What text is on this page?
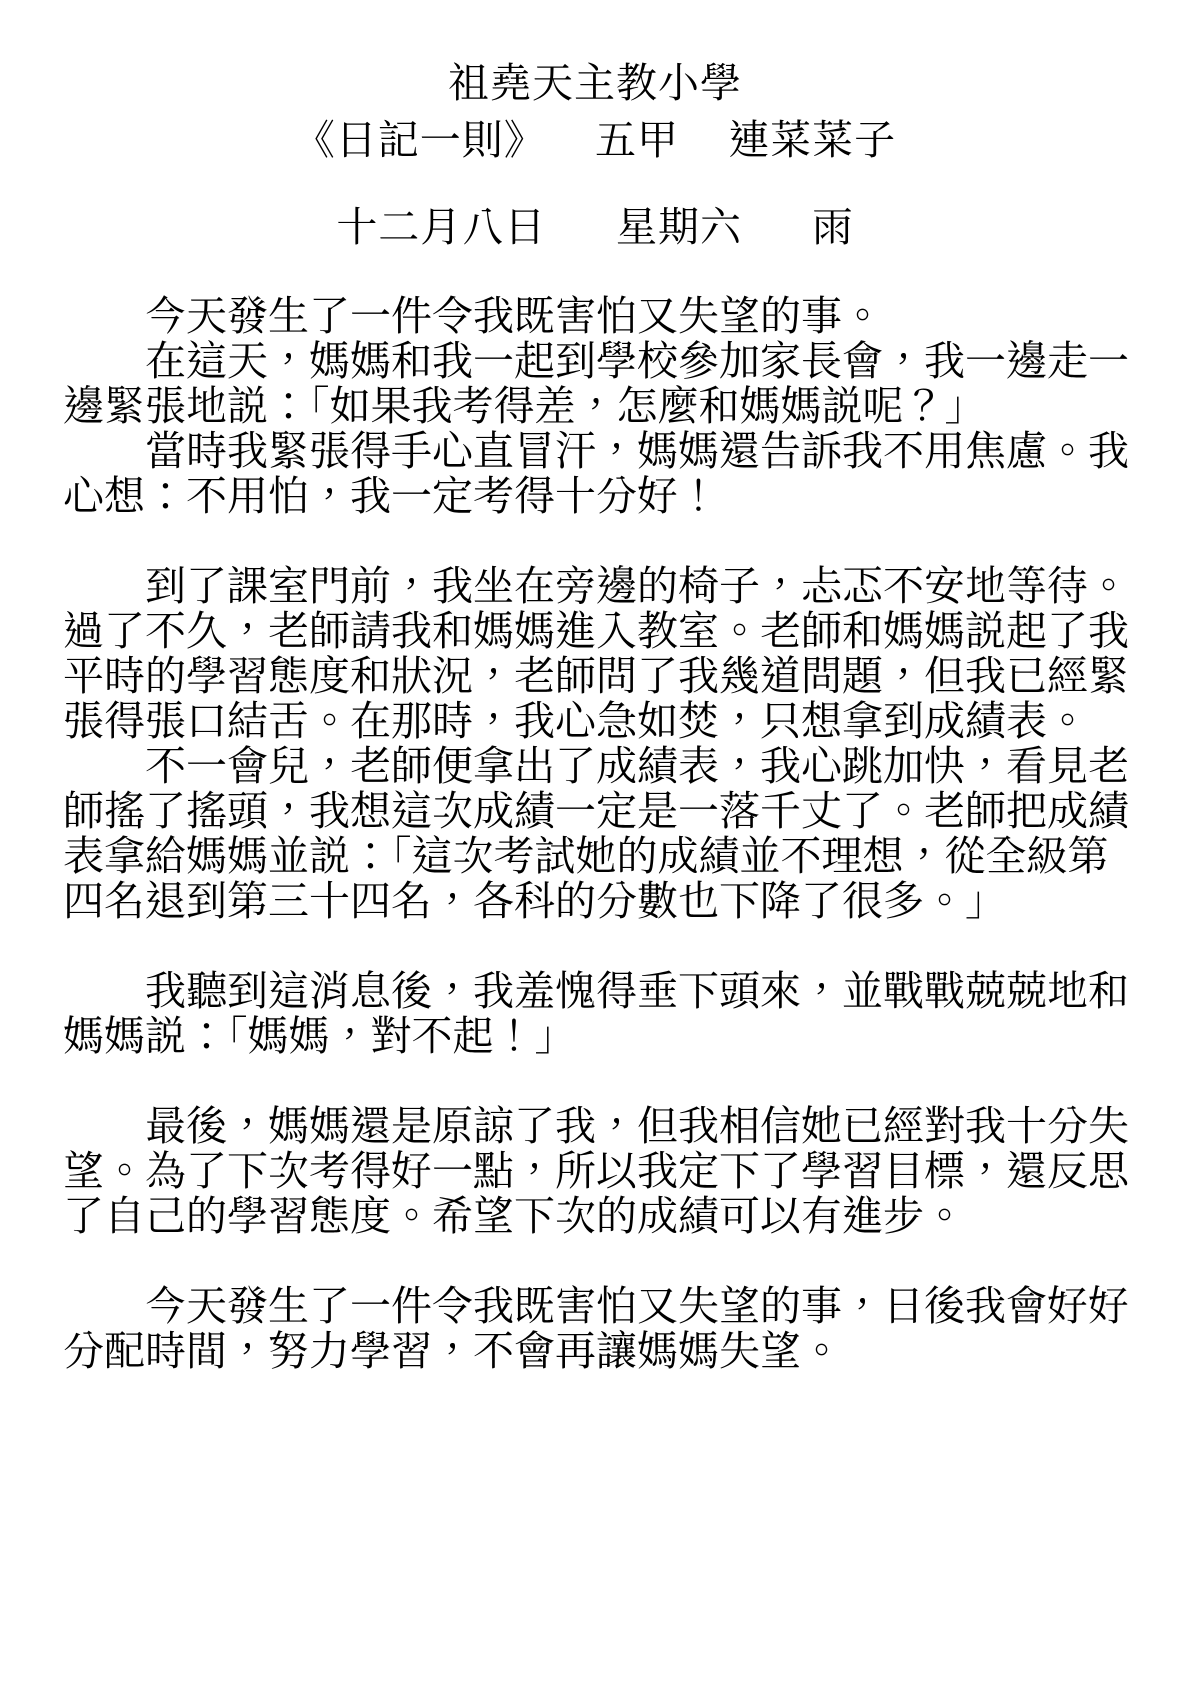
祖堯天主教小學
《日記一則》 五甲 連菜菜子
十二月八日 星期六 雨

今天發生了一件令我既害怕又失望的事。

在這天，媽媽和我一起到學校參加家長會，我一邊走一邊緊張地説：「如果我考得差，怎麼和媽媽説呢？」

當時我緊張得手心直冒汗，媽媽還告訴我不用焦慮。我心想：不用怕，我一定考得十分好！

到了課室門前，我坐在旁邊的椅子，忐忑不安地等待。過了不久，老師請我和媽媽進入教室。老師和媽媽説起了我平時的學習態度和狀況，老師問了我幾道問題，但我已經緊張得張口結舌。在那時，我心急如焚，只想拿到成績表。

不一會兒，老師便拿出了成績表，我心跳加快，看見老師搖了搖頭，我想這次成績一定是一落千丈了。老師把成績表拿給媽媽並説：「這次考試她的成績並不理想，從全級第四名退到第三十四名，各科的分數也下降了很多。」

我聽到這消息後，我羞愧得垂下頭來，並戰戰兢兢地和媽媽説：「媽媽，對不起！」

最後，媽媽還是原諒了我，但我相信她已經對我十分失望。為了下次考得好一點，所以我定下了學習目標，還反思了自己的學習態度。希望下次的成績可以有進步。

今天發生了一件令我既害怕又失望的事，日後我會好好分配時間，努力學習，不會再讓媽媽失望。
